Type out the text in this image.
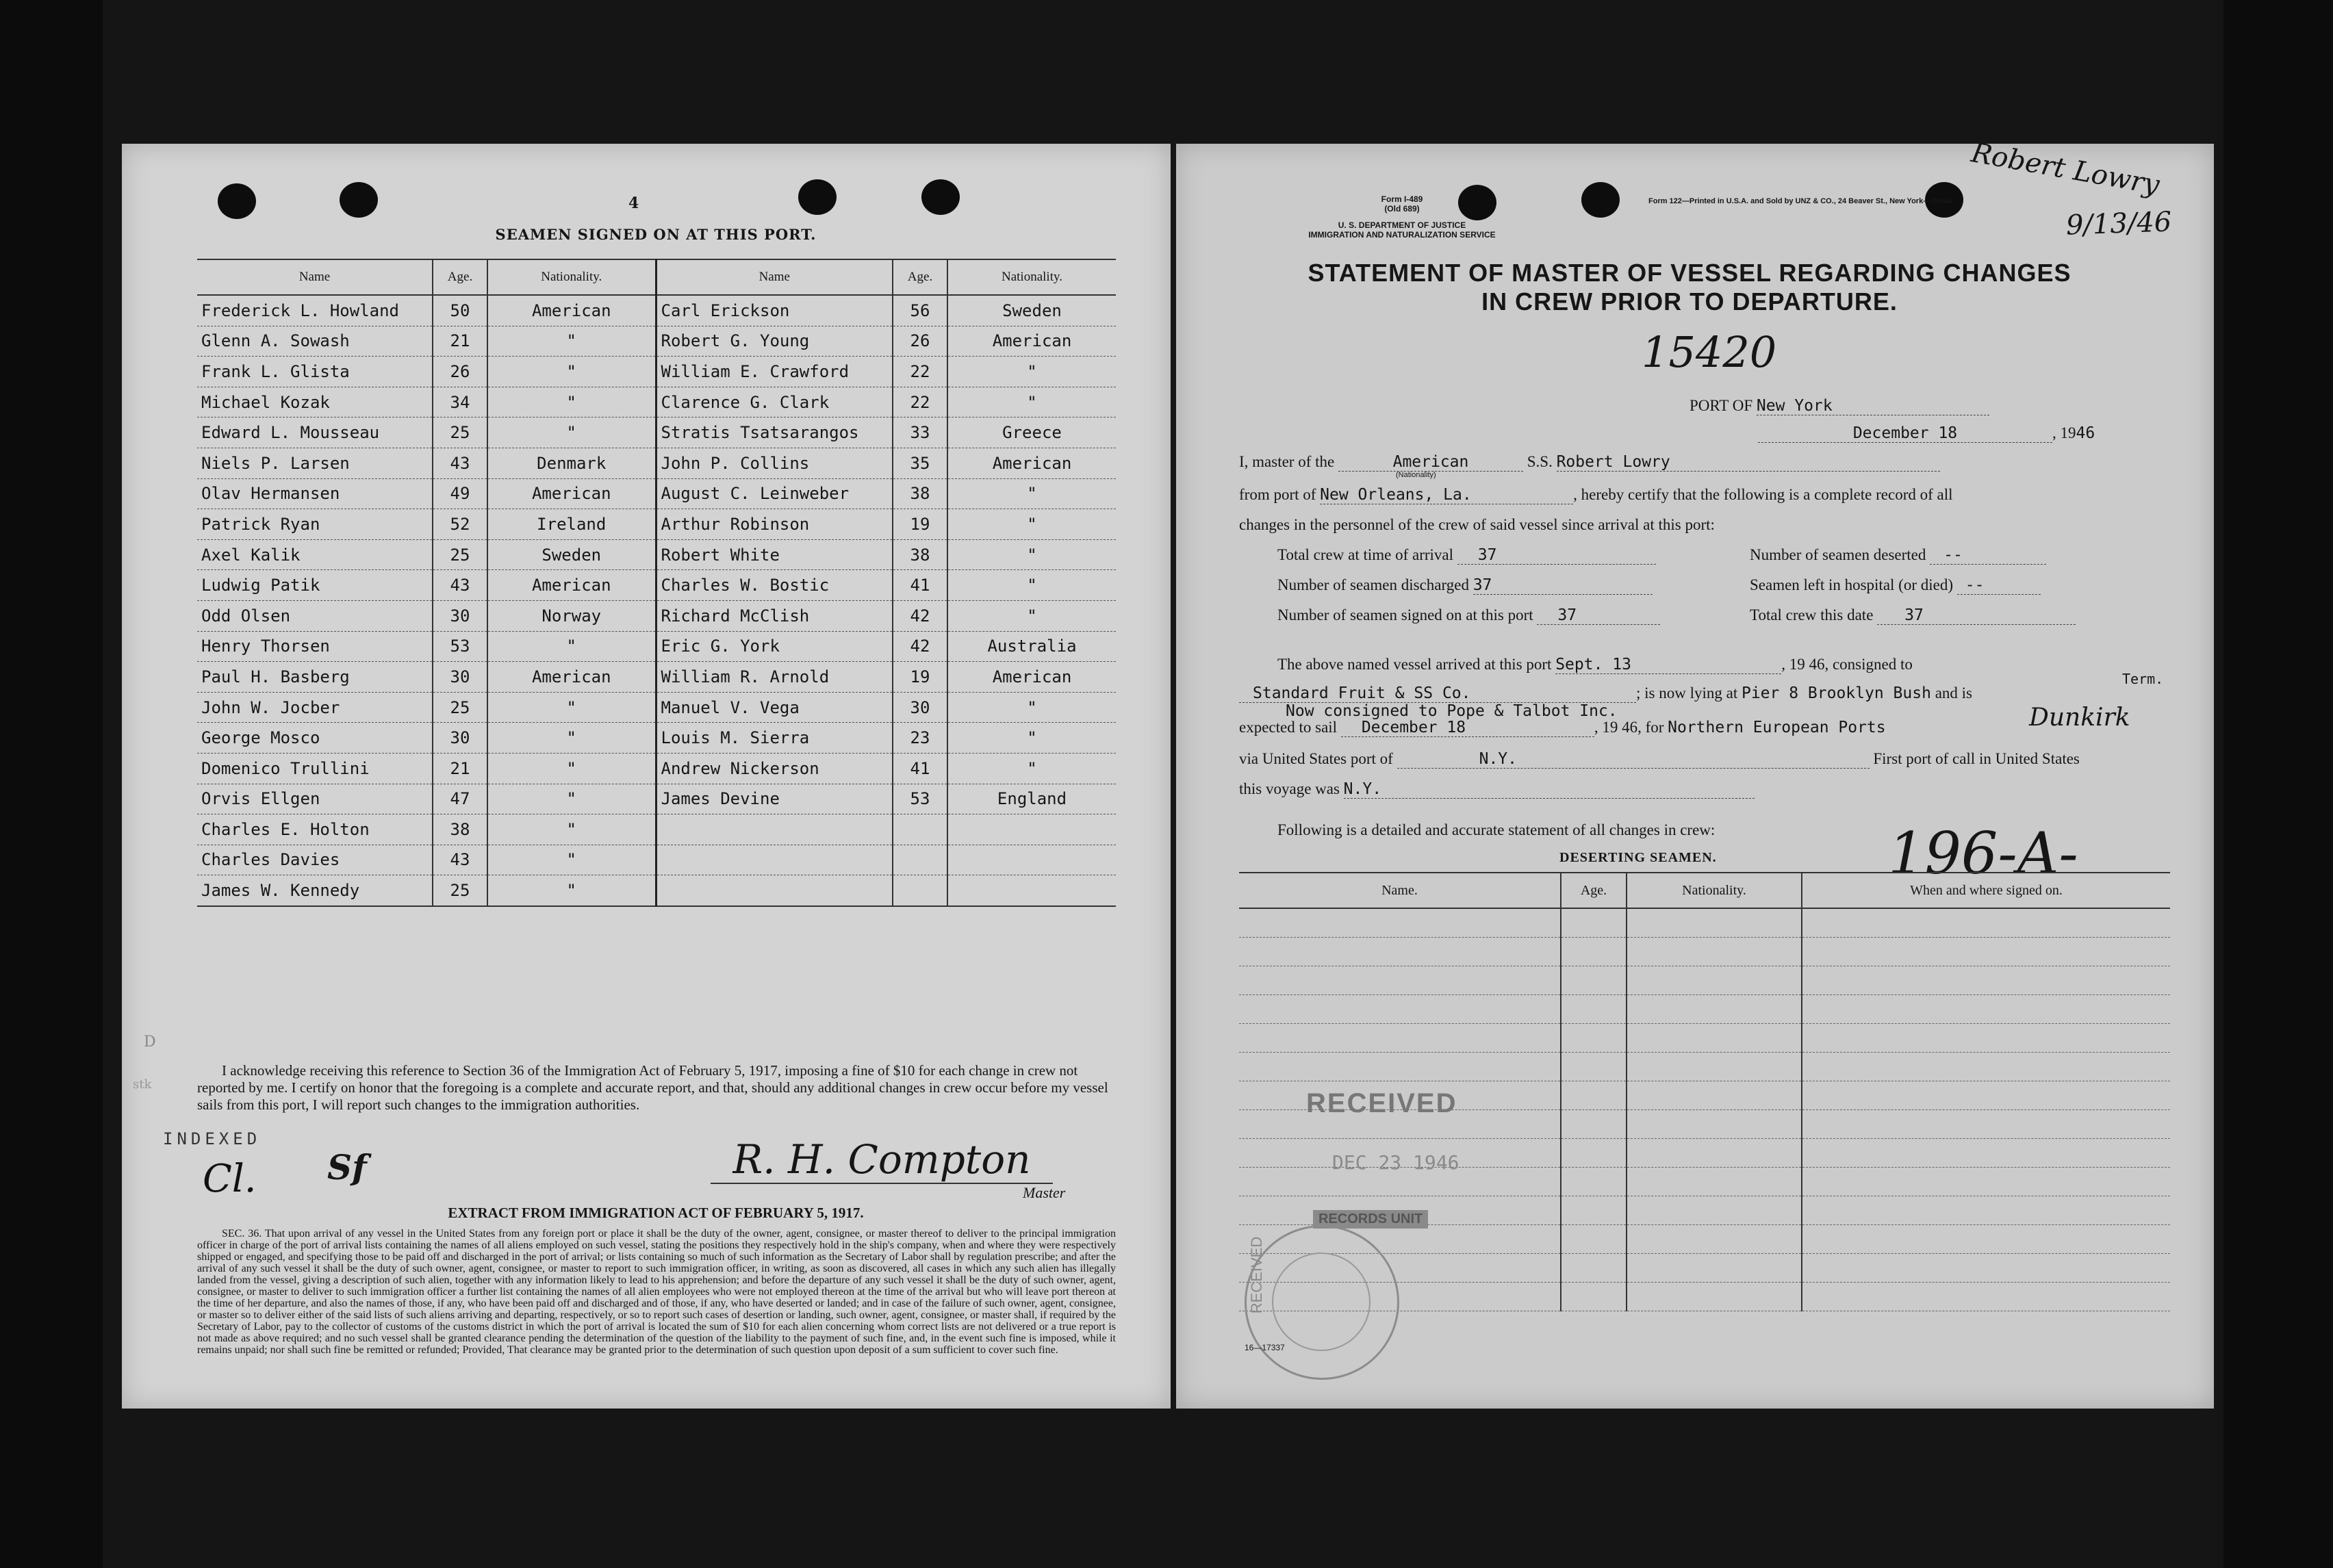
4
SEAMEN SIGNED ON AT THIS PORT.
D
stk
Name	Age.	Nationality.	Name	Age.	Nationality.
Frederick L. Howland	50	American	Carl Erickson	56	Sweden
Glenn A. Sowash	21	"	Robert G. Young	26	American
Frank L. Glista	26	"	William E. Crawford	22	"
Michael Kozak	34	"	Clarence G. Clark	22	"
Edward L. Mousseau	25	"	Stratis Tsatsarangos	33	Greece
Niels P. Larsen	43	Denmark	John P. Collins	35	American
Olav Hermansen	49	American	August C. Leinweber	38	"
Patrick Ryan	52	Ireland	Arthur Robinson	19	"
Axel Kalik	25	Sweden	Robert White	38	"
Ludwig Patik	43	American	Charles W. Bostic	41	"
Odd Olsen	30	Norway	Richard McClish	42	"
Henry Thorsen	53	"	Eric G. York	42	Australia
Paul H. Basberg	30	American	William R. Arnold	19	American
John W. Jocber	25	"	Manuel V. Vega	30	"
George Mosco	30	"	Louis M. Sierra	23	"
Domenico Trullini	21	"	Andrew Nickerson	41	"
Orvis Ellgen	47	"	James Devine	53	England
Charles E. Holton	38	"			
Charles Davies	43	"			
James W. Kennedy	25	"			
I acknowledge receiving this reference to Section 36 of the Immigration Act of February 5, 1917, imposing a fine of $10 for each change in crew not reported by me. I certify on honor that the foregoing is a complete and accurate report, and that, should any additional changes in crew occur before my vessel sails from this port, I will report such changes to the immigration authorities.
INDEXED
Cl. Sf	R. H. Compton
Master
EXTRACT FROM IMMIGRATION ACT OF FEBRUARY 5, 1917.
SEC. 36. That upon arrival of any vessel in the United States from any foreign port or place it shall be the duty of the owner, agent, consignee, or master thereof to deliver to the principal immigration officer in charge of the port of arrival lists containing the names of all aliens employed on such vessel, stating the positions they respectively hold in the ship's company, when and where they were respectively shipped or engaged, and specifying those to be paid off and discharged in the port of arrival; or lists containing so much of such information as the Secretary of Labor shall by regulation prescribe; and after the arrival of any such vessel it shall be the duty of such owner, agent, consignee, or master to report to such immigration officer, in writing, as soon as discovered, all cases in which any such alien has illegally landed from the vessel, giving a description of such alien, together with any information likely to lead to his apprehension; and before the departure of any such vessel it shall be the duty of such owner, agent, consignee, or master to deliver to such immigration officer a further list containing the names of all alien employees who were not employed thereon at the time of the arrival but who will leave port thereon at the time of her departure, and also the names of those, if any, who have been paid off and discharged and of those, if any, who have deserted or landed; and in case of the failure of such owner, agent, consignee, or master so to deliver either of the said lists of such aliens arriving and departing, respectively, or so to report such cases of desertion or landing, such owner, agent, consignee, or master shall, if required by the Secretary of Labor, pay to the collector of customs of the customs district in which the port of arrival is located the sum of $10 for each alien concerning whom correct lists are not delivered or a true report is not made as above required; and no such vessel shall be granted clearance pending the determination of the question of the liability to the payment of such fine, and, in the event such fine is imposed, while it remains unpaid; nor shall such fine be remitted or refunded; Provided, That clearance may be granted prior to the determination of such question upon deposit of a sum sufficient to cover such fine.
Form I-489
(Old 689)
U. S. DEPARTMENT OF JUSTICE
IMMIGRATION AND NATURALIZATION SERVICE
Form 122—Printed in U.S.A. and Sold by UNZ & CO., 24 Beaver St., New York—20464
Robert Lowry
9/13/46
STATEMENT OF MASTER OF VESSEL REGARDING CHANGES
IN CREW PRIOR TO DEPARTURE.
15420
PORT OF New York
December 18	, 1946
I, master of the	American
(Nationality)
S.S. Robert Lowry
from port of New Orleans, La.	, hereby certify that the following is a complete record of all
changes in the personnel of the crew of said vessel since arrival at this port:
Total crew at time of arrival 37
Number of seamen discharged 37
Number of seamen signed on at this port 37
Number of seamen deserted --
Seamen left in hospital (or died) --
Total crew this date 37
The above named vessel arrived at this port Sept. 13	, 19 46, consigned to
Standard Fruit & SS Co.	; is now lying at Pier 8 Brooklyn Bush and is
Term.
Now consigned to Pope & Talbot Inc.
expected to sail December 18	, 19 46, for Northern European Ports	Dunkirk
via United States port of	N.Y.	First port of call in United States
this voyage was N.Y.
Following is a detailed and accurate statement of all changes in crew:	196-A-
DESERTING SEAMEN.
Name.	Age.	Nationality.	When and where signed on.

RECEIVED
DEC 23 1946
RECORDS UNIT
RECEIVED
16—17337
